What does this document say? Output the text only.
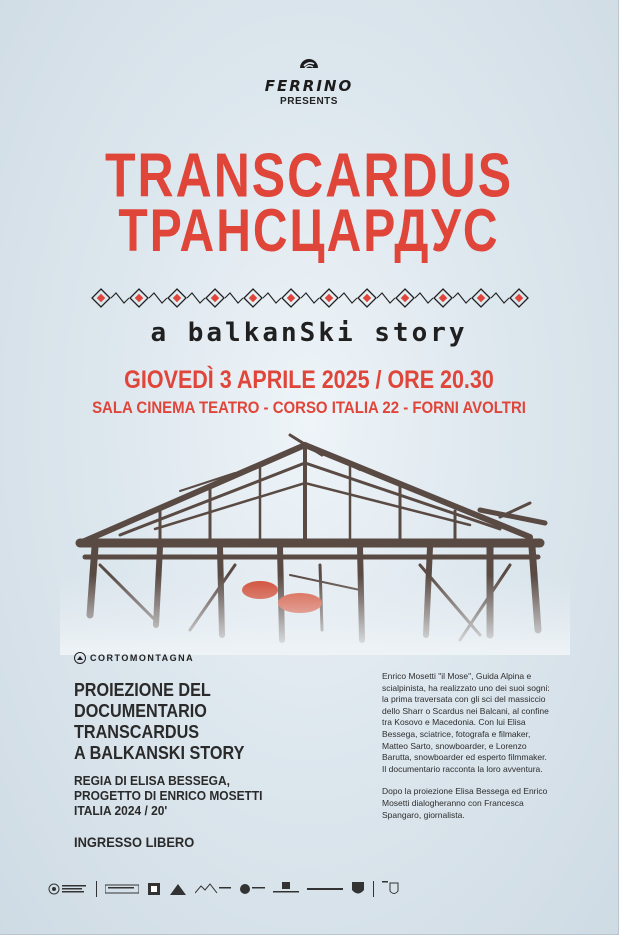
FERRINO
PRESENTS
TRANSCARDUS
ТРАНСЦАРДУС
a balkanSki story
GIOVEDÌ 3 APRILE 2025 / ORE 20.30
SALA CINEMA TEATRO - CORSO ITALIA 22 - FORNI AVOLTRI
CORTOMONTAGNA
PROIEZIONE DEL
DOCUMENTARIO
TRANSCARDUS
A BALKANSKI STORY
REGIA DI ELISA BESSEGA,
PROGETTO DI ENRICO MOSETTI
ITALIA 2024 / 20'
INGRESSO LIBERO

Enrico Mosetti "il Mose", Guida Alpina e scialpinista, ha realizzato uno dei suoi sogni: la prima traversata con gli sci del massiccio dello Sharr o Scardus nei Balcani, al confine tra Kosovo e Macedonia. Con lui Elisa Bessega, sciatrice, fotografa e filmaker, Matteo Sarto, snowboarder, e Lorenzo Barutta, snowboarder ed esperto filmmaker. Il documentario racconta la loro avventura.

Dopo la proiezione Elisa Bessega ed Enrico Mosetti dialogheranno con Francesca Spangaro, giornalista.
